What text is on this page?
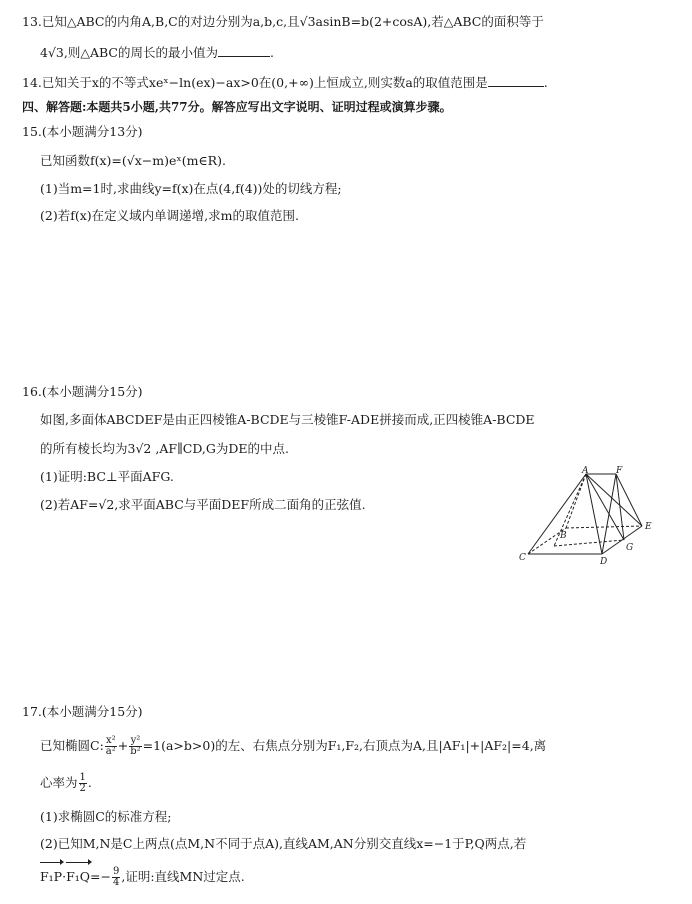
13.已知△ABC的内角A,B,C的对边分别为a,b,c,且√3asinB=b(2+cosA),若△ABC的面积等于
4√3,则△ABC的周长的最小值为	.
14.已知关于x的不等式xeˣ−ln(ex)−ax>0在(0,+∞)上恒成立,则实数a的取值范围是	.
四、解答题:本题共5小题,共77分。解答应写出文字说明、证明过程或演算步骤。
15.(本小题满分13分)
已知函数f(x)=(√x−m)eˣ(m∈R).
(1)当m=1时,求曲线y=f(x)在点(4,f(4))处的切线方程;
(2)若f(x)在定义域内单调递增,求m的取值范围.
16.(本小题满分15分)
如图,多面体ABCDEF是由正四棱锥A-BCDE与三棱锥F-ADE拼接而成,正四棱锥A-BCDE
的所有棱长均为3√2 ,AF∥CD,G为DE的中点.
(1)证明:BC⊥平面AFG.
(2)若AF=√2,求平面ABC与平面DEF所成二面角的正弦值.
A	F
B
C	D
E
G
17.(本小题满分15分)
已知椭圆C: $\frac{\text{x²}}{\text{a²}} + \frac{\text{y²}}{\text{b²}} =1(a>b>0)$的左、右焦点分别为F₁,F₂,右顶点为A,且|AF₁|+|AF₂|=4,离
心率为 $\frac{1}{2}$ .
(1)求椭圆C的标准方程;
(2)已知M,N是C上两点(点M,N不同于点A),直线AM,AN分别交直线x=−1于P,Q两点,若
$F_1P\cdot F_1Q=- \frac{9}{4}$ ,证明:直线MN过定点.
